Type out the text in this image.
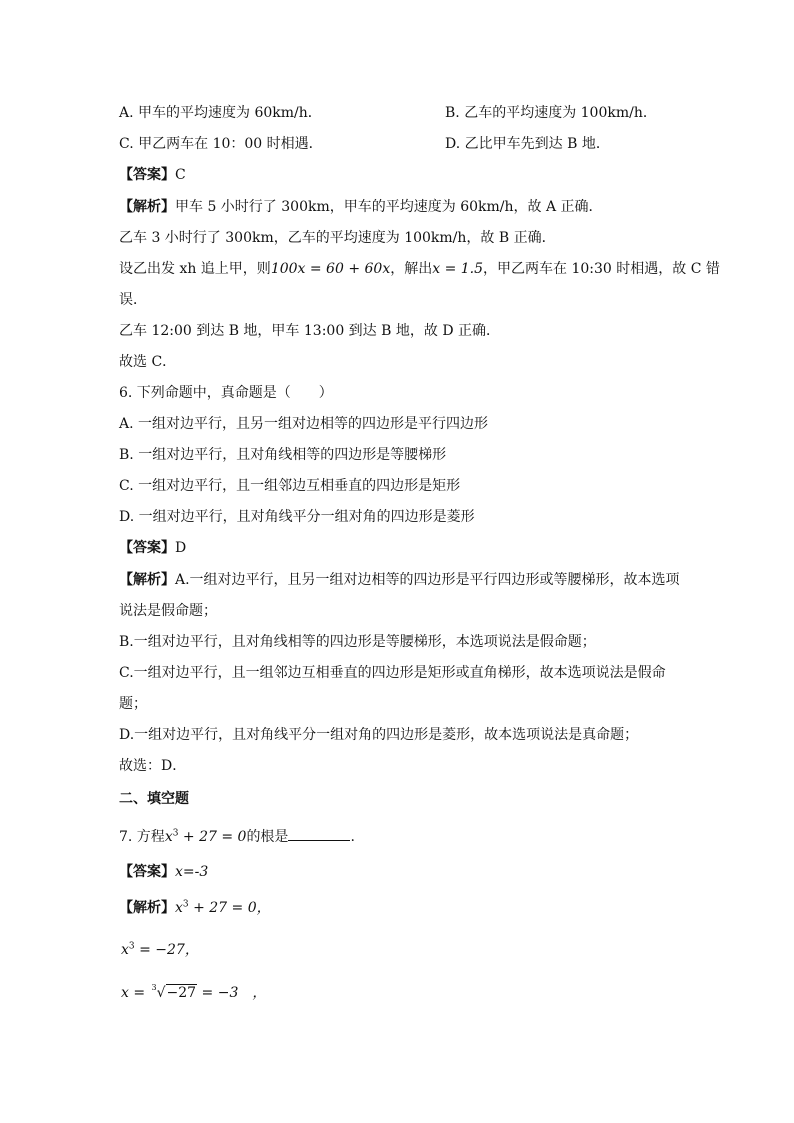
A. 甲车的平均速度为 60km/h．	B. 乙车的平均速度为 100km/h．
C. 甲乙两车在 10：00 时相遇．	D. 乙比甲车先到达 B 地．
【答案】C
【解析】甲车 5 小时行了 300km，甲车的平均速度为 60km/h，故 A 正确．
乙车 3 小时行了 300km，乙车的平均速度为 100km/h，故 B 正确．
设乙出发 xh 追上甲，则100x = 60 + 60x，解出x = 1.5，甲乙两车在 10:30 时相遇，故 C 错
误．
乙车 12:00 到达 B 地，甲车 13:00 到达 B 地，故 D 正确．
故选 C．
6. 下列命题中，真命题是（　　）
A. 一组对边平行，且另一组对边相等的四边形是平行四边形
B. 一组对边平行，且对角线相等的四边形是等腰梯形
C. 一组对边平行，且一组邻边互相垂直的四边形是矩形
D. 一组对边平行，且对角线平分一组对角的四边形是菱形
【答案】D
【解析】A.一组对边平行，且另一组对边相等的四边形是平行四边形或等腰梯形，故本选项
说法是假命题；
B.一组对边平行，且对角线相等的四边形是等腰梯形，本选项说法是假命题；
C.一组对边平行，且一组邻边互相垂直的四边形是矩形或直角梯形，故本选项说法是假命
题；
D.一组对边平行，且对角线平分一组对角的四边形是菱形，故本选项说法是真命题；
故选：D．
二、填空题
7. 方程$x^3 + 27 = 0$的根是	.
【答案】x=-3
【解析】$x^3 + 27 = 0$，
$x^3 = -27$，
x = $^3$√−27 = −3　，
